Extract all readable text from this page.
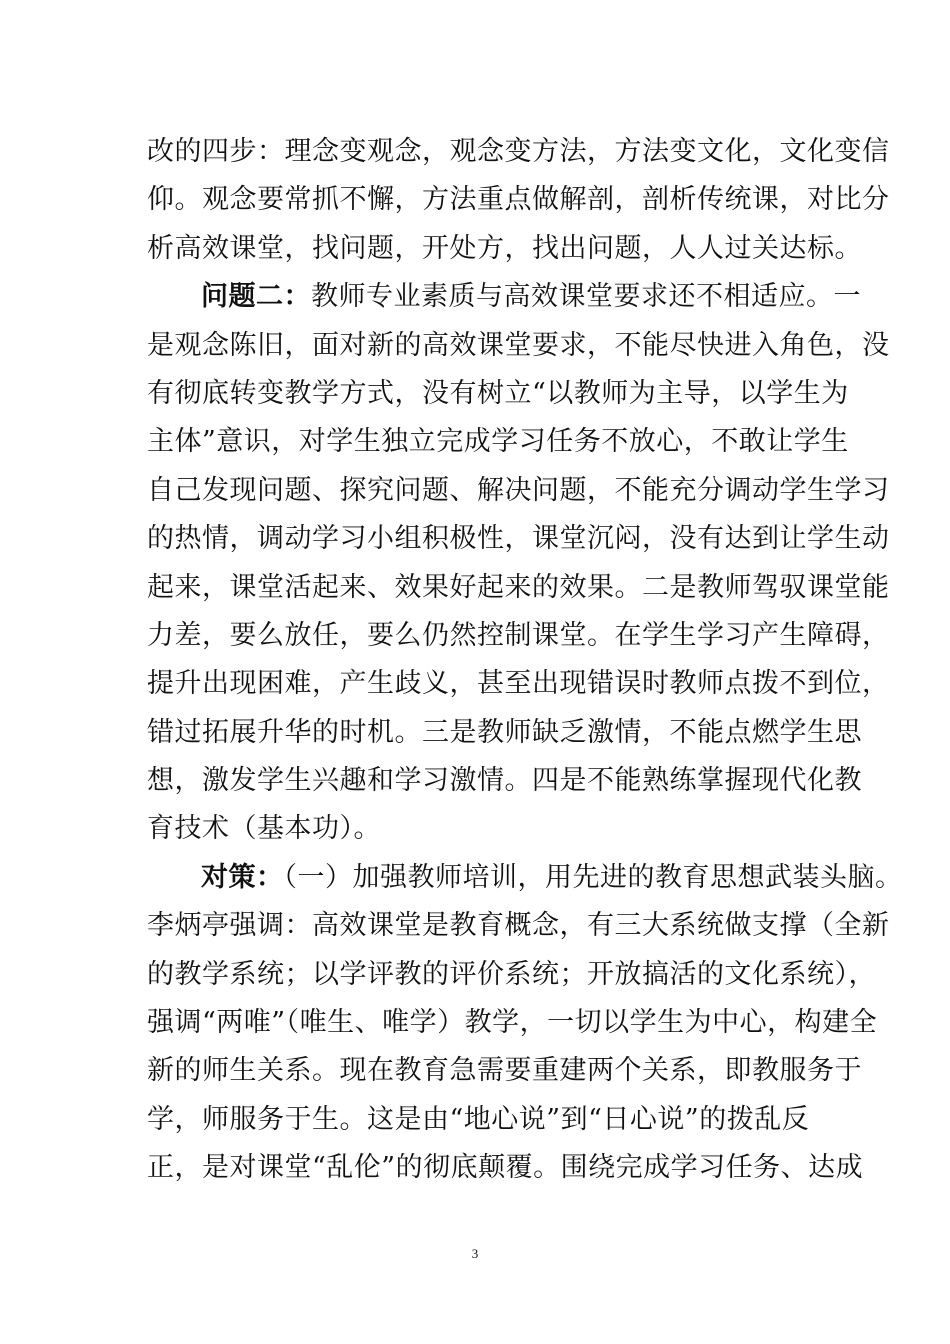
改的四步：理念变观念，观念变方法，方法变文化，文化变信
仰。观念要常抓不懈，方法重点做解剖，剖析传统课，对比分
析高效课堂，找问题，开处方，找出问题，人人过关达标。
问题二：教师专业素质与高效课堂要求还不相适应。一
是观念陈旧，面对新的高效课堂要求，不能尽快进入角色，没
有彻底转变教学方式，没有树立“以教师为主导，以学生为
主体”意识，对学生独立完成学习任务不放心，不敢让学生
自己发现问题、探究问题、解决问题，不能充分调动学生学习
的热情，调动学习小组积极性，课堂沉闷，没有达到让学生动
起来，课堂活起来、效果好起来的效果。二是教师驾驭课堂能
力差，要么放任，要么仍然控制课堂。在学生学习产生障碍，
提升出现困难，产生歧义，甚至出现错误时教师点拨不到位，
错过拓展升华的时机。三是教师缺乏激情，不能点燃学生思
想，激发学生兴趣和学习激情。四是不能熟练掌握现代化教
育技术（基本功）。
对策：（一）加强教师培训，用先进的教育思想武装头脑。
李炳亭强调：高效课堂是教育概念，有三大系统做支撑（全新
的教学系统；以学评教的评价系统；开放搞活的文化系统），
强调“两唯”（唯生、唯学）教学，一切以学生为中心，构建全
新的师生关系。现在教育急需要重建两个关系，即教服务于
学，师服务于生。这是由“地心说”到“日心说”的拨乱反
正，是对课堂“乱伦”的彻底颠覆。围绕完成学习任务、达成
3
